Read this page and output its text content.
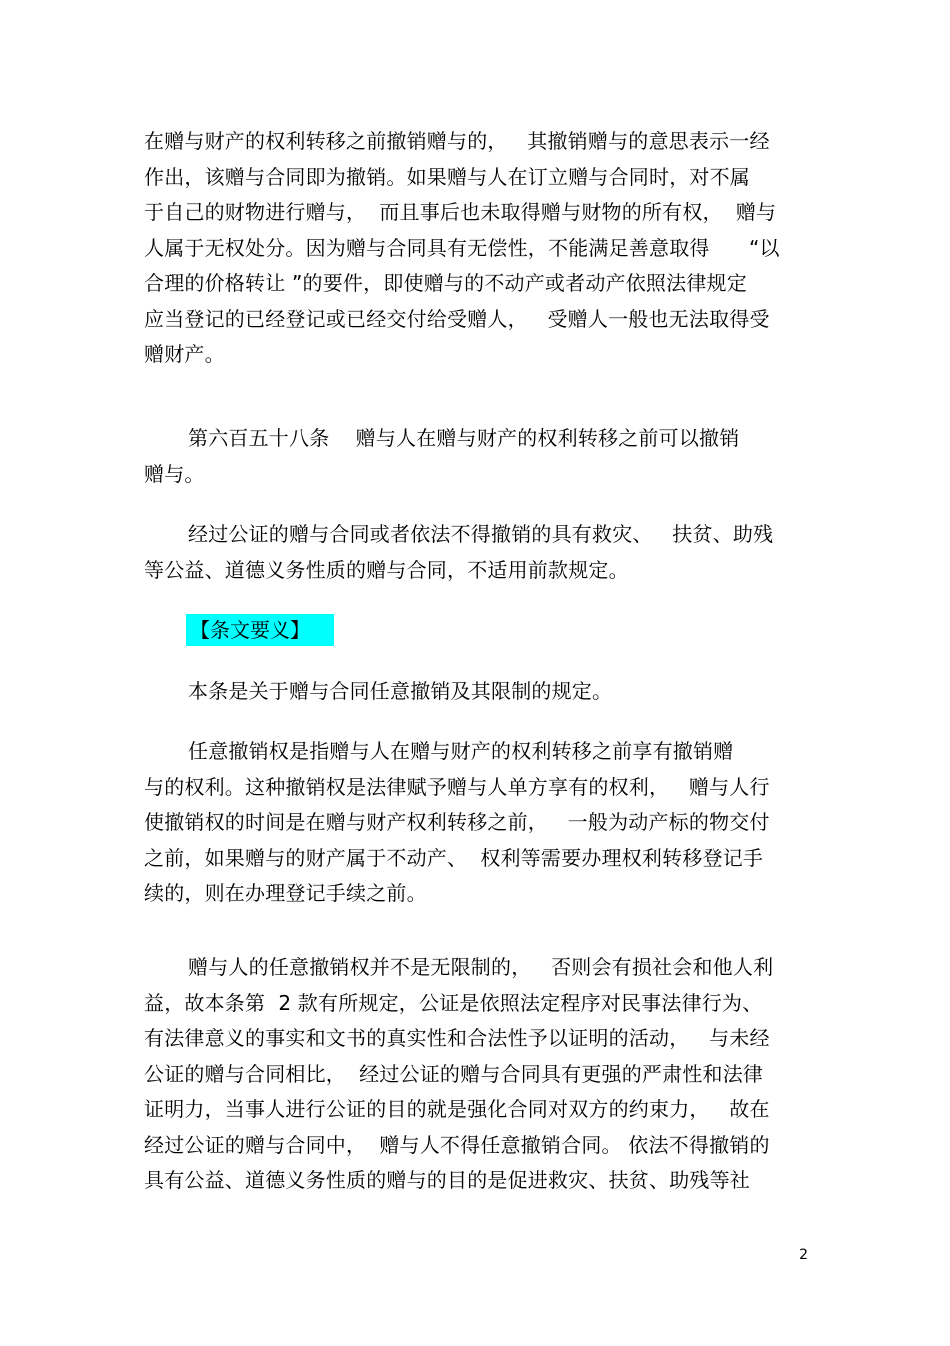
在赠与财产的权利转移之前撤销赠与的，   其撤销赠与的意思表示一经
作出，该赠与合同即为撤销。如果赠与人在订立赠与合同时，对不属
于自己的财物进行赠与，  而且事后也未取得赠与财物的所有权，  赠与
人属于无权处分。因为赠与合同具有无偿性，不能满足善意取得      “以
合理的价格转让 ”的要件，即使赠与的不动产或者动产依照法律规定
应当登记的已经登记或已经交付给受赠人，   受赠人一般也无法取得受
赠财产。
第六百五十八条    赠与人在赠与财产的权利转移之前可以撤销
赠与。
经过公证的赠与合同或者依法不得撤销的具有救灾、   扶贫、助残
等公益、道德义务性质的赠与合同，不适用前款规定。
【条文要义】
本条是关于赠与合同任意撤销及其限制的规定。
任意撤销权是指赠与人在赠与财产的权利转移之前享有撤销赠
与的权利。这种撤销权是法律赋予赠与人单方享有的权利，   赠与人行
使撤销权的时间是在赠与财产权利转移之前，   一般为动产标的物交付
之前，如果赠与的财产属于不动产、  权利等需要办理权利转移登记手
续的，则在办理登记手续之前。
赠与人的任意撤销权并不是无限制的，   否则会有损社会和他人利
益，故本条第  2 款有所规定，公证是依照法定程序对民事法律行为、
有法律意义的事实和文书的真实性和合法性予以证明的活动，   与未经
公证的赠与合同相比，  经过公证的赠与合同具有更强的严肃性和法律
证明力，当事人进行公证的目的就是强化合同对双方的约束力，   故在
经过公证的赠与合同中，  赠与人不得任意撤销合同。 依法不得撤销的
具有公益、道德义务性质的赠与的目的是促进救灾、扶贫、助残等社
2
